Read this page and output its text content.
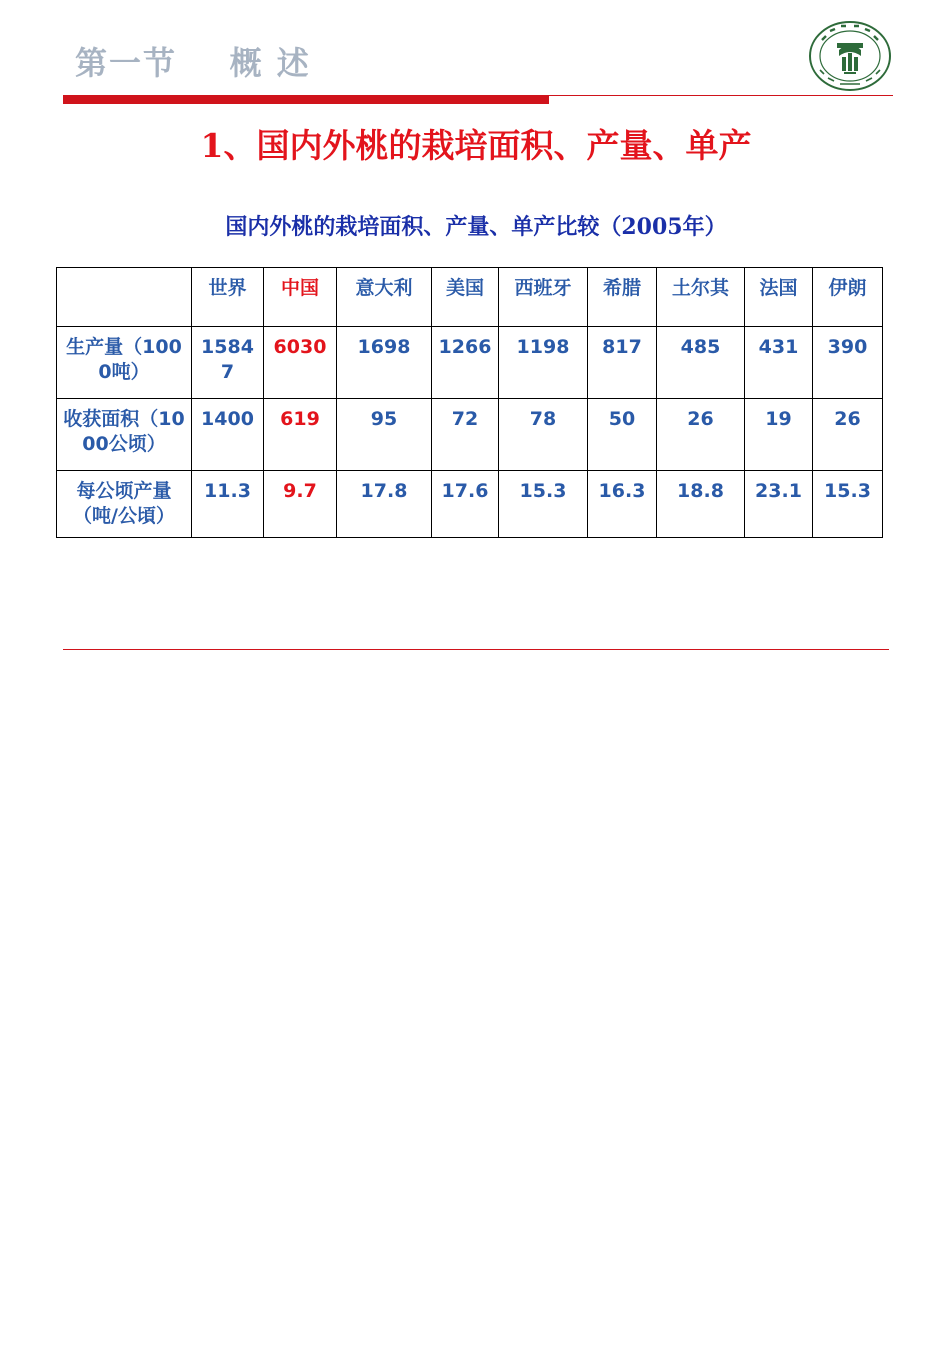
第一节    概 述
1、国内外桃的栽培面积、产量、单产
国内外桃的栽培面积、产量、单产比较（2005年）
	世界	中国	意大利	美国	西班牙	希腊	土尔其	法国	伊朗
生产量（1000吨）	15847	6030	1698	1266	1198	817	485	431	390
收获面积（1000公顷）	1400	619	95	72	78	50	26	19	26
每公顷产量（吨/公頃）	11.3	9.7	17.8	17.6	15.3	16.3	18.8	23.1	15.3
